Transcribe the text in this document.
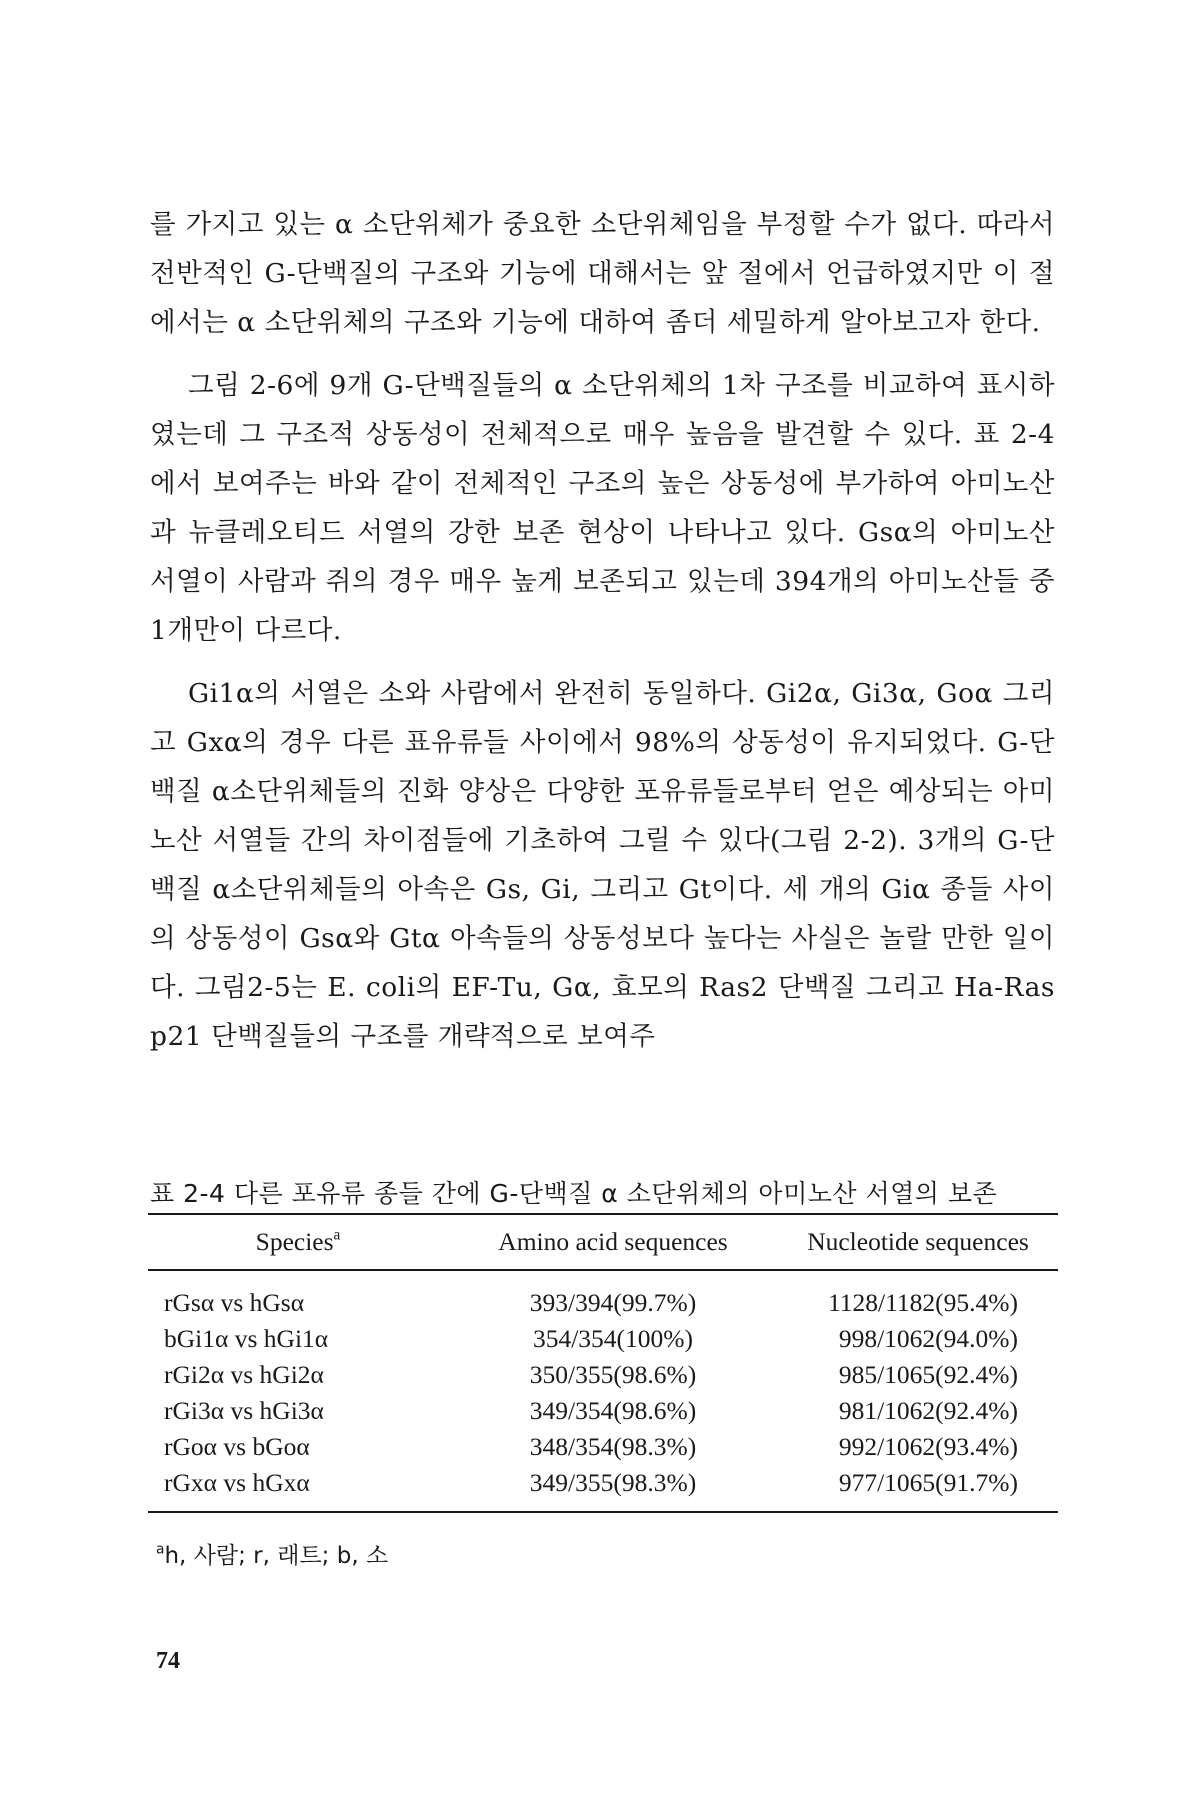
를 가지고 있는 α 소단위체가 중요한 소단위체임을 부정할 수가 없다. 따라서 전반적인 G-단백질의 구조와 기능에 대해서는 앞 절에서 언급하였지만 이 절에서는 α 소단위체의 구조와 기능에 대하여 좀더 세밀하게 알아보고자 한다.

그림 2-6에 9개 G-단백질들의 α 소단위체의 1차 구조를 비교하여 표시하였는데 그 구조적 상동성이 전체적으로 매우 높음을 발견할 수 있다. 표 2-4에서 보여주는 바와 같이 전체적인 구조의 높은 상동성에 부가하여 아미노산과 뉴클레오티드 서열의 강한 보존 현상이 나타나고 있다. Gsα의 아미노산 서열이 사람과 쥐의 경우 매우 높게 보존되고 있는데 394개의 아미노산들 중 1개만이 다르다.

Gi1α의 서열은 소와 사람에서 완전히 동일하다. Gi2α, Gi3α, Goα 그리고 Gxα의 경우 다른 표유류들 사이에서 98%의 상동성이 유지되었다. G-단백질 α소단위체들의 진화 양상은 다양한 포유류들로부터 얻은 예상되는 아미노산 서열들 간의 차이점들에 기초하여 그릴 수 있다(그림 2-2). 3개의 G-단백질 α소단위체들의 아속은 Gs, Gi, 그리고 Gt이다. 세 개의 Giα 종들 사이의 상동성이 Gsα와 Gtα 아속들의 상동성보다 높다는 사실은 놀랄 만한 일이다. 그림2-5는 E. coli의 EF-Tu, Gα, 효모의 Ras2 단백질 그리고 Ha-Ras p21 단백질들의 구조를 개략적으로 보여주

표 2-4 다른 포유류 종들 간에 G-단백질 α 소단위체의 아미노산 서열의 보존
Species$^a$	Amino acid sequences	Nucleotide sequences
rGsα vs hGsα	393/394(99.7%)	1128/1182(95.4%)
bGi1α vs hGi1α	354/354(100%)	998/1062(94.0%)
rGi2α vs hGi2α	350/355(98.6%)	985/1065(92.4%)
rGi3α vs hGi3α	349/354(98.6%)	981/1062(92.4%)
rGoα vs bGoα	348/354(98.3%)	992/1062(93.4%)
rGxα vs hGxα	349/355(98.3%)	977/1065(91.7%)
$^a$h, 사람; r, 래트; b, 소
74
